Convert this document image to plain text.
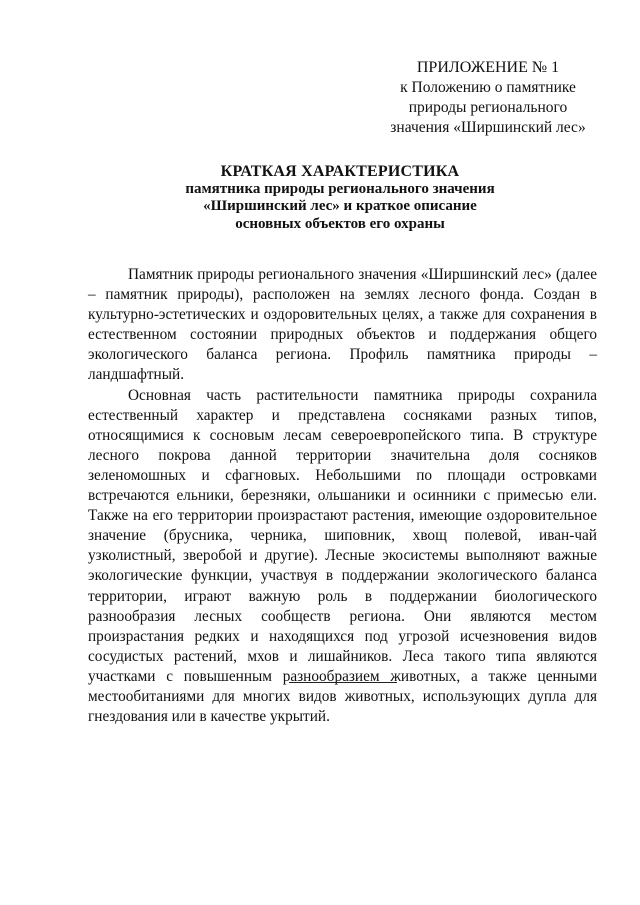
ПРИЛОЖЕНИЕ № 1
к Положению о памятнике
природы регионального
значения «Ширшинский лес»
КРАТКАЯ ХАРАКТЕРИСТИКА
памятника природы регионального значения
«Ширшинский лес» и краткое описание
основных объектов его охраны

Памятник природы регионального значения «Ширшинский лес» (далее – памятник природы), расположен на землях лесного фонда. Создан в культурно-эстетических и оздоровительных целях, а также для сохранения в естественном состоянии природных объектов и поддержания общего экологического баланса региона. Профиль памятника природы – ландшафтный.

Основная часть растительности памятника природы сохранила естественный характер и представлена сосняками разных типов, относящимися к сосновым лесам североевропейского типа. В структуре лесного покрова данной территории значительна доля сосняков зеленомошных и сфагновых. Небольшими по площади островками встречаются ельники, березняки, ольшаники и осинники с примесью ели. Также на его территории произрастают растения, имеющие оздоровительное значение (брусника, черника, шиповник, хвощ полевой, иван-чай узколистный, зверобой и другие). Лесные экосистемы выполняют важные экологические функции, участвуя в поддержании экологического баланса территории, играют важную роль в поддержании биологического разнообразия лесных сообществ региона. Они являются местом произрастания редких и находящихся под угрозой исчезновения видов сосудистых растений, мхов и лишайников. Леса такого типа являются участками с повышенным разнообразием животных, а также ценными местообитаниями для многих видов животных, использующих дупла для гнездования или в качестве укрытий.
